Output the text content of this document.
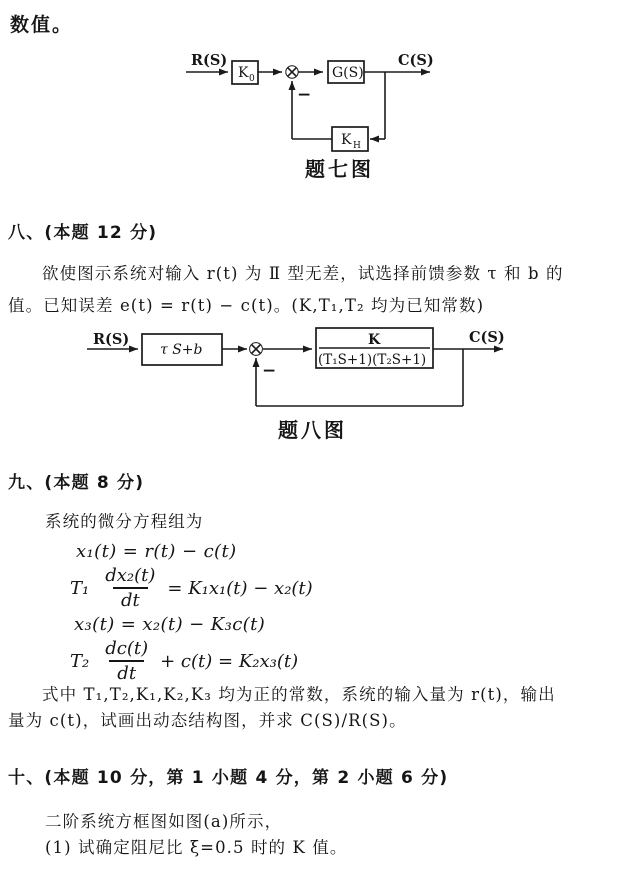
数值。
R(S)
K 0
−
G(S)
C(S)
K H
题七图
八、(本题 12 分)
欲使图示系统对输入 r(t) 为 Ⅱ 型无差，试选择前馈参数 τ 和 b 的
值。已知误差 e(t) = r(t) − c(t)。(K,T₁,T₂ 均为已知常数)
R(S)
τ S+b
−
K
(T₁S+1)(T₂S+1)
C(S)
题八图
九、(本题 8 分)
系统的微分方程组为
x₁(t) = r(t) − c(t)
$T_1 \frac{\text{dx₂(t)}}{dt} = K_1x_1(t) - x_2(t)$
x₃(t) = x₂(t) − K₃c(t)
$T_2 \frac{dc(t)}{dt} + c(t) = K_2x_3(t)$
式中 T₁,T₂,K₁,K₂,K₃ 均为正的常数，系统的输入量为 r(t)，输出
量为 c(t)，试画出动态结构图，并求 C(S)/R(S)。
十、(本题 10 分，第 1 小题 4 分，第 2 小题 6 分)
二阶系统方框图如图(a)所示，
(1) 试确定阻尼比 ξ=0.5 时的 K 值。
